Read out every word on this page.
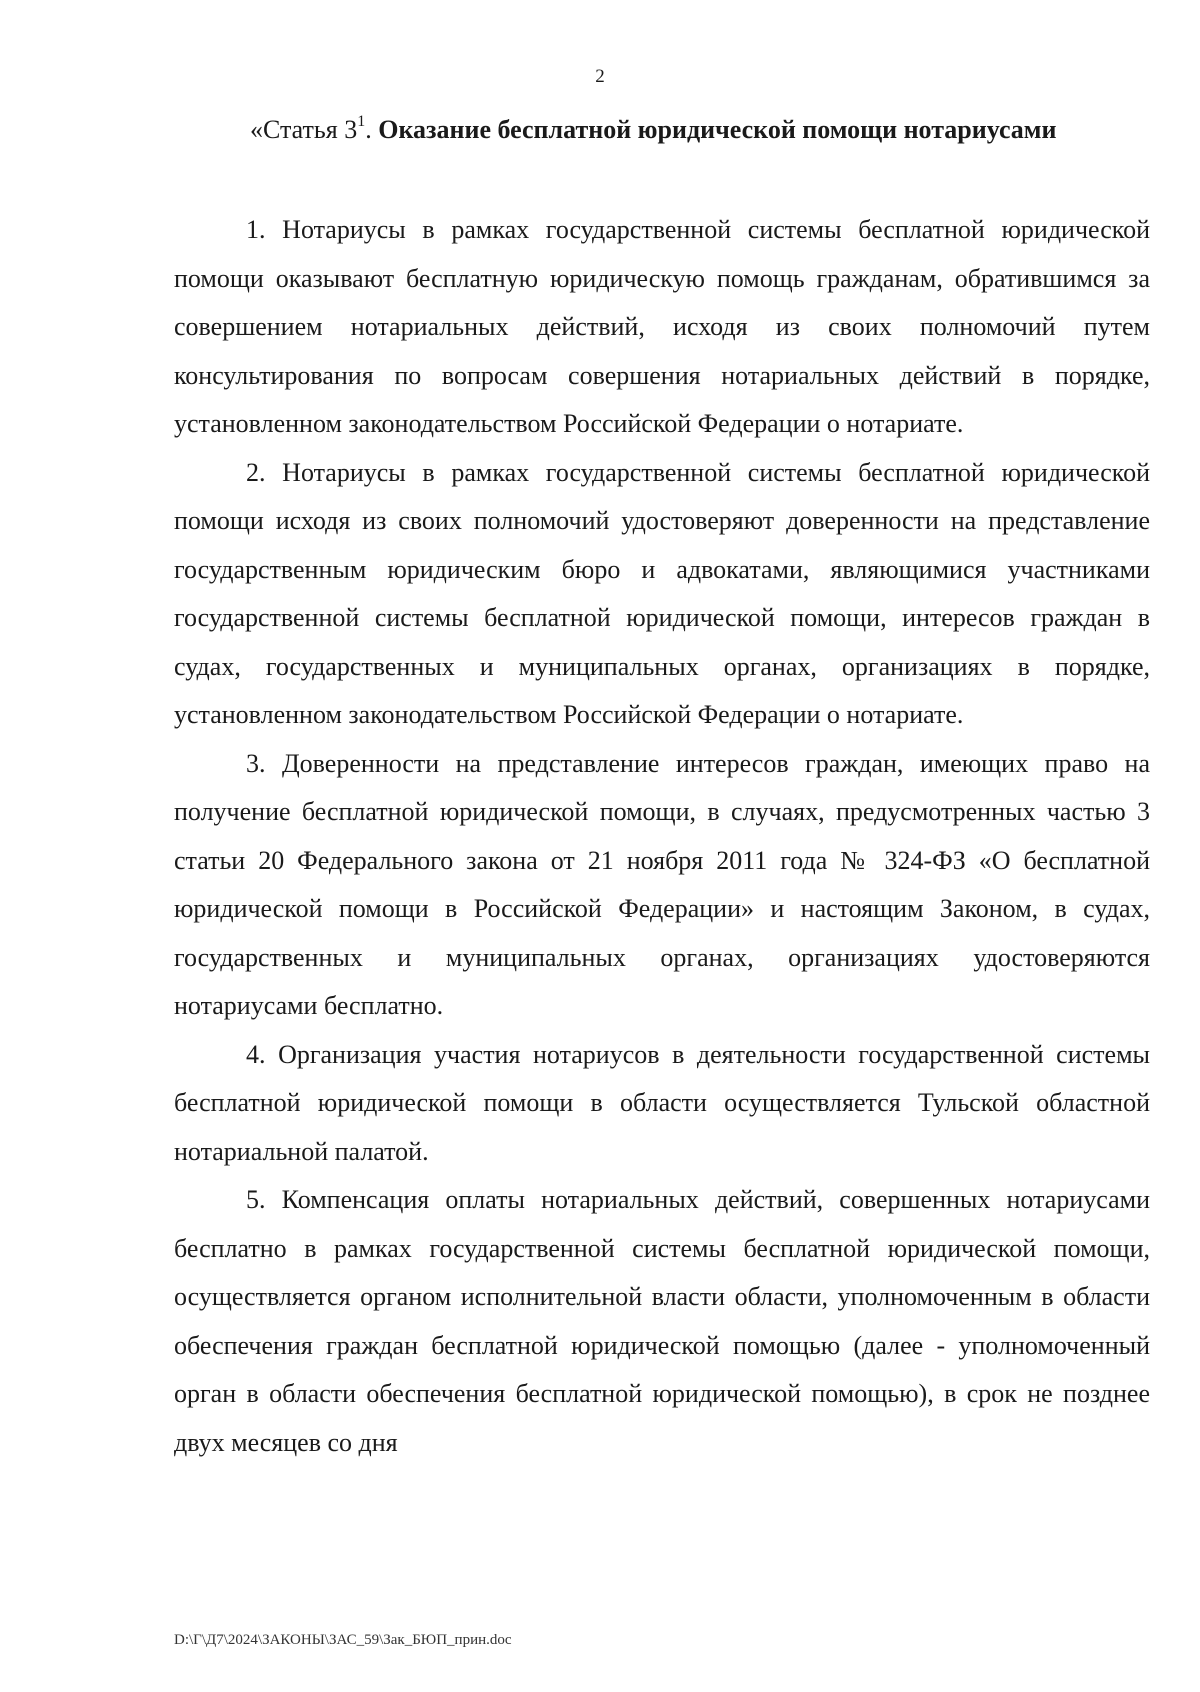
2
«Статья $3^1$. Оказание бесплатной юридической помощи нотариусами

1. Нотариусы в рамках государственной системы бесплатной юридической помощи оказывают бесплатную юридическую помощь гражданам, обратившимся за совершением нотариальных действий, исходя из своих полномочий путем консультирования по вопросам совершения нотариальных действий в порядке, установленном законодательством Российской Федерации о нотариате.

2. Нотариусы в рамках государственной системы бесплатной юридической помощи исходя из своих полномочий удостоверяют доверенности на представление государственным юридическим бюро и адвокатами, являющимися участниками государственной системы бесплатной юридической помощи, интересов граждан в судах, государственных и муниципальных органах, организациях в порядке, установленном законодательством Российской Федерации о нотариате.

3. Доверенности на представление интересов граждан, имеющих право на получение бесплатной юридической помощи, в случаях, предусмотренных частью 3 статьи 20 Федерального закона от 21 ноября 2011 года № 324-ФЗ «О бесплатной юридической помощи в Российской Федерации» и настоящим Законом, в судах, государственных и муниципальных органах, организациях удостоверяются нотариусами бесплатно.

4. Организация участия нотариусов в деятельности государственной системы бесплатной юридической помощи в области осуществляется Тульской областной нотариальной палатой.

5. Компенсация оплаты нотариальных действий, совершенных нотариусами бесплатно в рамках государственной системы бесплатной юридической помощи, осуществляется органом исполнительной власти области, уполномоченным в области обеспечения граждан бесплатной юридической помощью (далее - уполномоченный орган в области обеспечения бесплатной юридической помощью), в срок не позднее двух месяцев со дня

D:\Г\Д7\2024\ЗАКОНЫ\ЗАС_59\Зак_БЮП_прин.doc
